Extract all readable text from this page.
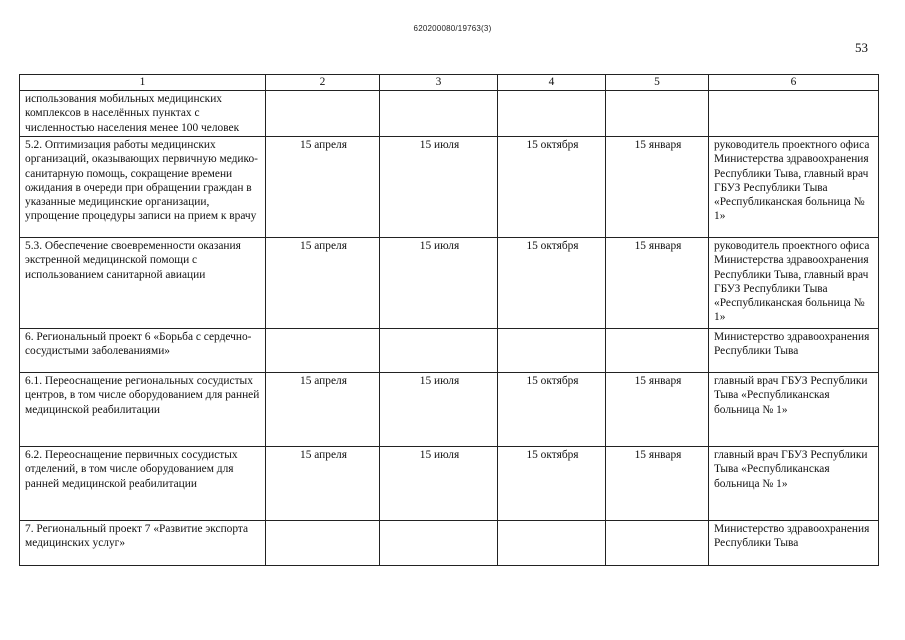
620200080/19763(3)
53
1	2	3	4	5	6
использования мобильных медицинских комплексов в населённых пунктах с численностью населения менее 100 человек					
5.2. Оптимизация работы медицинских организаций, оказывающих первичную медико-санитарную помощь, сокращение времени ожидания в очереди при обращении граждан в указанные медицинские организации, упрощение процедуры записи на прием к врачу	15 апреля	15 июля	15 октября	15 января	руководитель проектного офиса Министерства здравоохранения Республики Тыва, главный врач ГБУЗ Республики Тыва «Республиканская больница № 1»
5.3. Обеспечение своевременности оказания экстренной медицинской помощи с использованием санитарной авиации	15 апреля	15 июля	15 октября	15 января	руководитель проектного офиса Министерства здравоохранения Республики Тыва, главный врач ГБУЗ Республики Тыва «Республиканская больница № 1»
6. Региональный проект 6 «Борьба с сердечно-сосудистыми заболеваниями»					Министерство здравоохранения Республики Тыва
6.1. Переоснащение региональных сосудистых центров, в том числе оборудованием для ранней медицинской реабилитации	15 апреля	15 июля	15 октября	15 января	главный врач ГБУЗ Республики Тыва «Республиканская больница № 1»
6.2. Переоснащение первичных сосудистых отделений, в том числе оборудованием для ранней медицинской реабилитации	15 апреля	15 июля	15 октября	15 января	главный врач ГБУЗ Республики Тыва «Республиканская больница № 1»
7. Региональный проект 7 «Развитие экспорта медицинских услуг»					Министерство здравоохранения Республики Тыва
